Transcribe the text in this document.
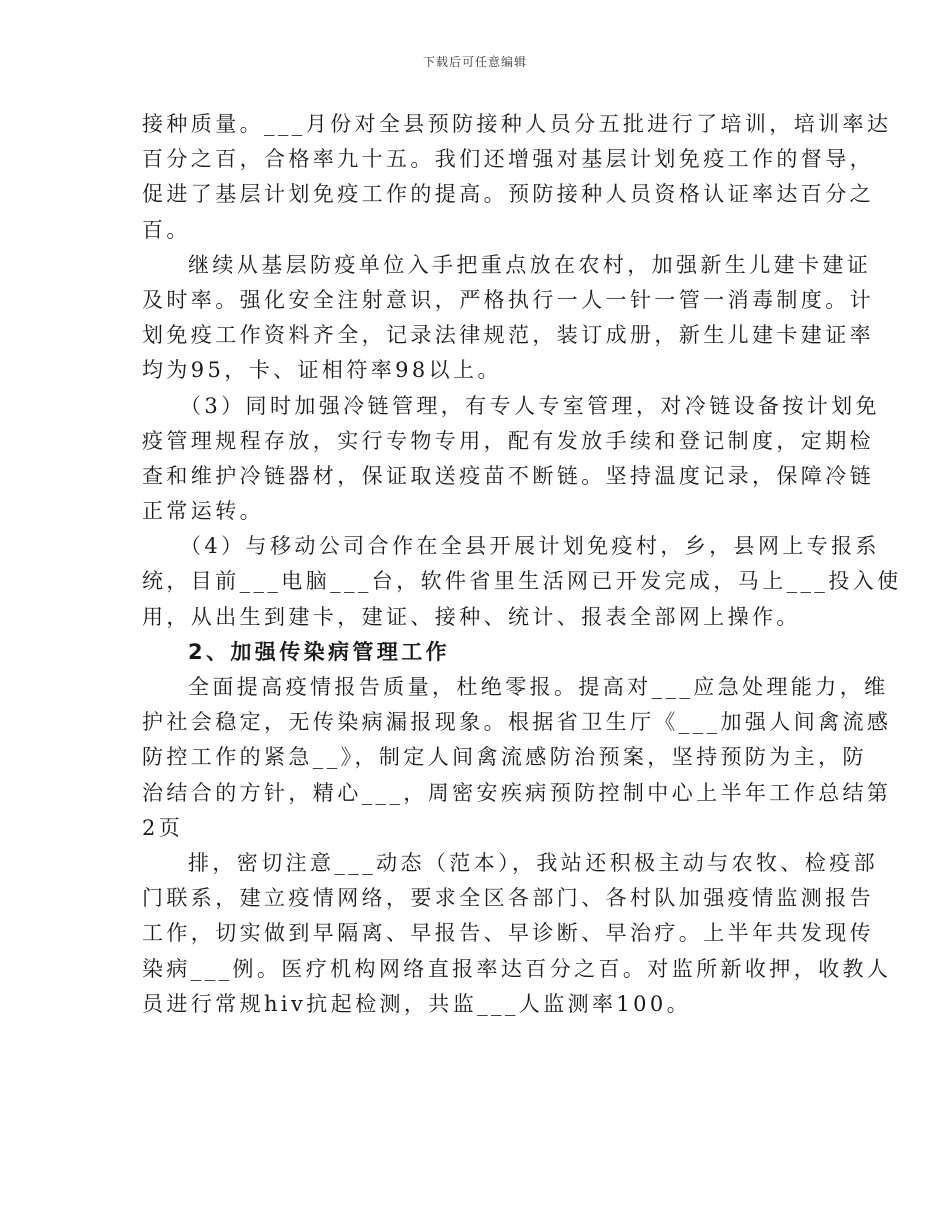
下载后可任意编辑
接种质量。___月份对全县预防接种人员分五批进行了培训，培训率达
百分之百，合格率九十五。我们还增强对基层计划免疫工作的督导，
促进了基层计划免疫工作的提高。预防接种人员资格认证率达百分之
百。
继续从基层防疫单位入手把重点放在农村，加强新生儿建卡建证
及时率。强化安全注射意识，严格执行一人一针一管一消毒制度。计
划免疫工作资料齐全，记录法律规范，装订成册，新生儿建卡建证率
均为95，卡、证相符率98以上。
（3）同时加强冷链管理，有专人专室管理，对冷链设备按计划免
疫管理规程存放，实行专物专用，配有发放手续和登记制度，定期检
查和维护冷链器材，保证取送疫苗不断链。坚持温度记录，保障冷链
正常运转。
（4）与移动公司合作在全县开展计划免疫村，乡，县网上专报系
统，目前___电脑___台，软件省里生活网已开发完成，马上___投入使
用，从出生到建卡，建证、接种、统计、报表全部网上操作。
2、加强传染病管理工作
全面提高疫情报告质量，杜绝零报。提高对___应急处理能力，维
护社会稳定，无传染病漏报现象。根据省卫生厅《___加强人间禽流感
防控工作的紧急__》，制定人间禽流感防治预案，坚持预防为主，防
治结合的方针，精心___，周密安疾病预防控制中心上半年工作总结第
2页
排，密切注意___动态（范本），我站还积极主动与农牧、检疫部
门联系，建立疫情网络，要求全区各部门、各村队加强疫情监测报告
工作，切实做到早隔离、早报告、早诊断、早治疗。上半年共发现传
染病___例。医疗机构网络直报率达百分之百。对监所新收押，收教人
员进行常规hiv抗起检测，共监___人监测率100。
